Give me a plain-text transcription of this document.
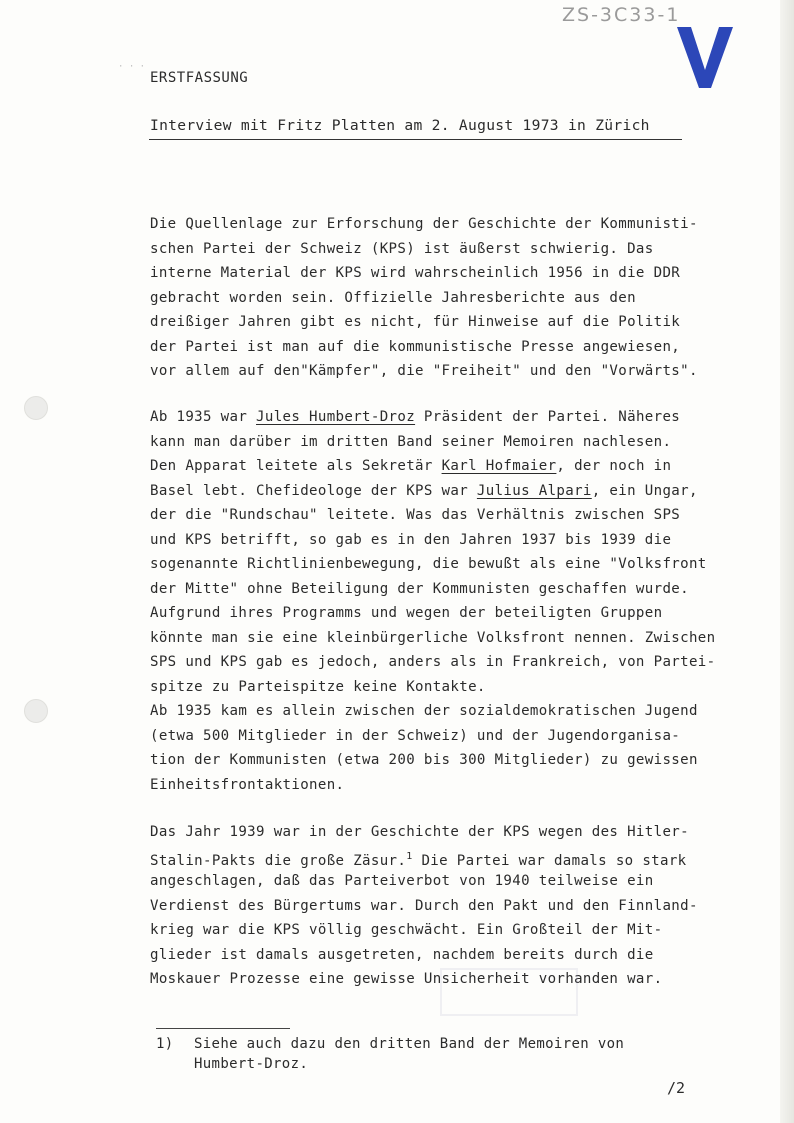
ZS-3C33-1
· · ·
ERSTFASSUNG
Interview mit Fritz Platten am 2. August 1973 in Zürich
Die Quellenlage zur Erforschung der Geschichte der Kommunisti-
schen Partei der Schweiz (KPS) ist äußerst schwierig. Das
interne Material der KPS wird wahrscheinlich 1956 in die DDR
gebracht worden sein. Offizielle Jahresberichte aus den
dreißiger Jahren gibt es nicht, für Hinweise auf die Politik
der Partei ist man auf die kommunistische Presse angewiesen,
vor allem auf den"Kämpfer", die "Freiheit" und den "Vorwärts".
Ab 1935 war Jules Humbert-Droz Präsident der Partei. Näheres
kann man darüber im dritten Band seiner Memoiren nachlesen.
Den Apparat leitete als Sekretär Karl Hofmaier, der noch in
Basel lebt. Chefideologe der KPS war Julius Alpari, ein Ungar,
der die "Rundschau" leitete. Was das Verhältnis zwischen SPS
und KPS betrifft, so gab es in den Jahren 1937 bis 1939 die
sogenannte Richtlinienbewegung, die bewußt als eine "Volksfront
der Mitte" ohne Beteiligung der Kommunisten geschaffen wurde.
Aufgrund ihres Programms und wegen der beteiligten Gruppen
könnte man sie eine kleinbürgerliche Volksfront nennen. Zwischen
SPS und KPS gab es jedoch, anders als in Frankreich, von Partei-
spitze zu Parteispitze keine Kontakte.
Ab 1935 kam es allein zwischen der sozialdemokratischen Jugend
(etwa 500 Mitglieder in der Schweiz) und der Jugendorganisa-
tion der Kommunisten (etwa 200 bis 300 Mitglieder) zu gewissen
Einheitsfrontaktionen.
Das Jahr 1939 war in der Geschichte der KPS wegen des Hitler-
Stalin-Pakts die große Zäsur.$^1$ Die Partei war damals so stark
angeschlagen, daß das Parteiverbot von 1940 teilweise ein
Verdienst des Bürgertums war. Durch den Pakt und den Finnland-
krieg war die KPS völlig geschwächt. Ein Großteil der Mit-
glieder ist damals ausgetreten, nachdem bereits durch die
Moskauer Prozesse eine gewisse Unsicherheit vorhanden war.
1) Siehe auch dazu den dritten Band der Memoiren von
Humbert-Droz.
/2
